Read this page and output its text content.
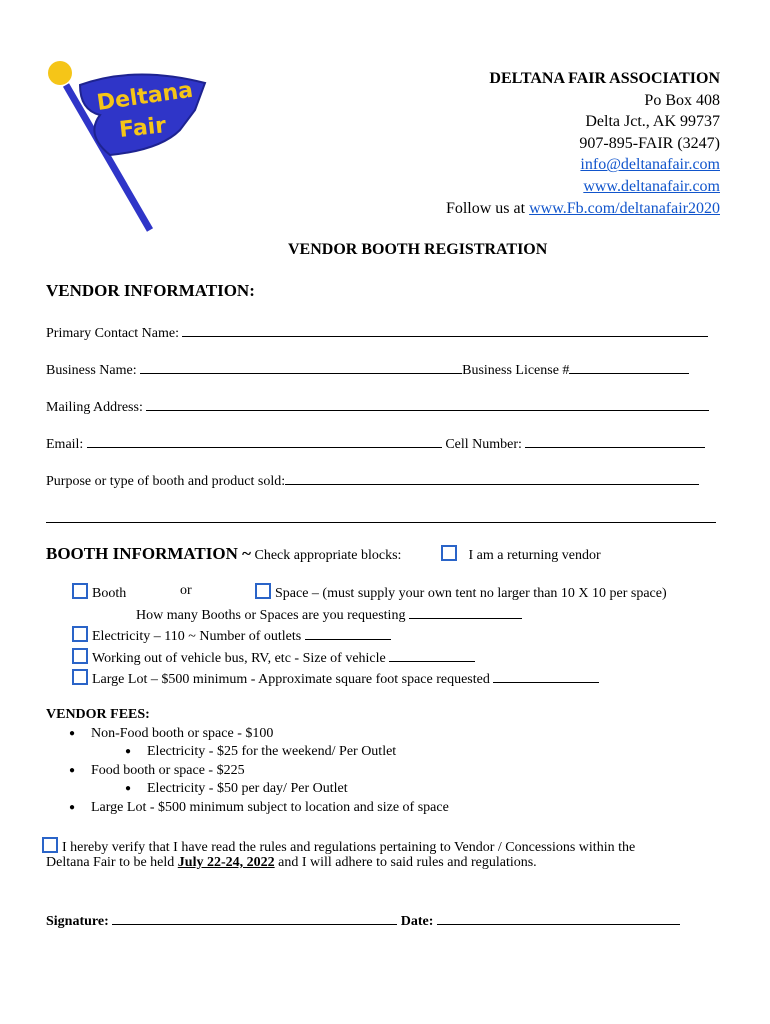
Deltana
Fair
DELTANA FAIR ASSOCIATION
Po Box 408
Delta Jct., AK 99737
907-895-FAIR (3247)
info@deltanafair.com
www.deltanafair.com
Follow us at www.Fb.com/deltanafair2020
VENDOR BOOTH REGISTRATION
VENDOR INFORMATION:
Primary Contact Name:
Business Name:	Business License #
Mailing Address:
Email:	Cell Number:
Purpose or type of booth and product sold:
BOOTH INFORMATION ~ Check appropriate blocks:	I am a returning vendor
Booth	or	Space – (must supply your own tent no larger than 10 X 10 per space)
How many Booths or Spaces are you requesting
Electricity – 110 ~ Number of outlets
Working out of vehicle bus, RV, etc - Size of vehicle
Large Lot – $500 minimum - Approximate square foot space requested
VENDOR FEES:
● Non-Food booth or space - $100
● Electricity - $25 for the weekend/ Per Outlet
● Food booth or space - $225
● Electricity - $50 per day/ Per Outlet
● Large Lot - $500 minimum subject to location and size of space
I hereby verify that I have read the rules and regulations pertaining to Vendor / Concessions within the
Deltana Fair to be held July 22-24, 2022 and I will adhere to said rules and regulations.
Signature:	Date:
